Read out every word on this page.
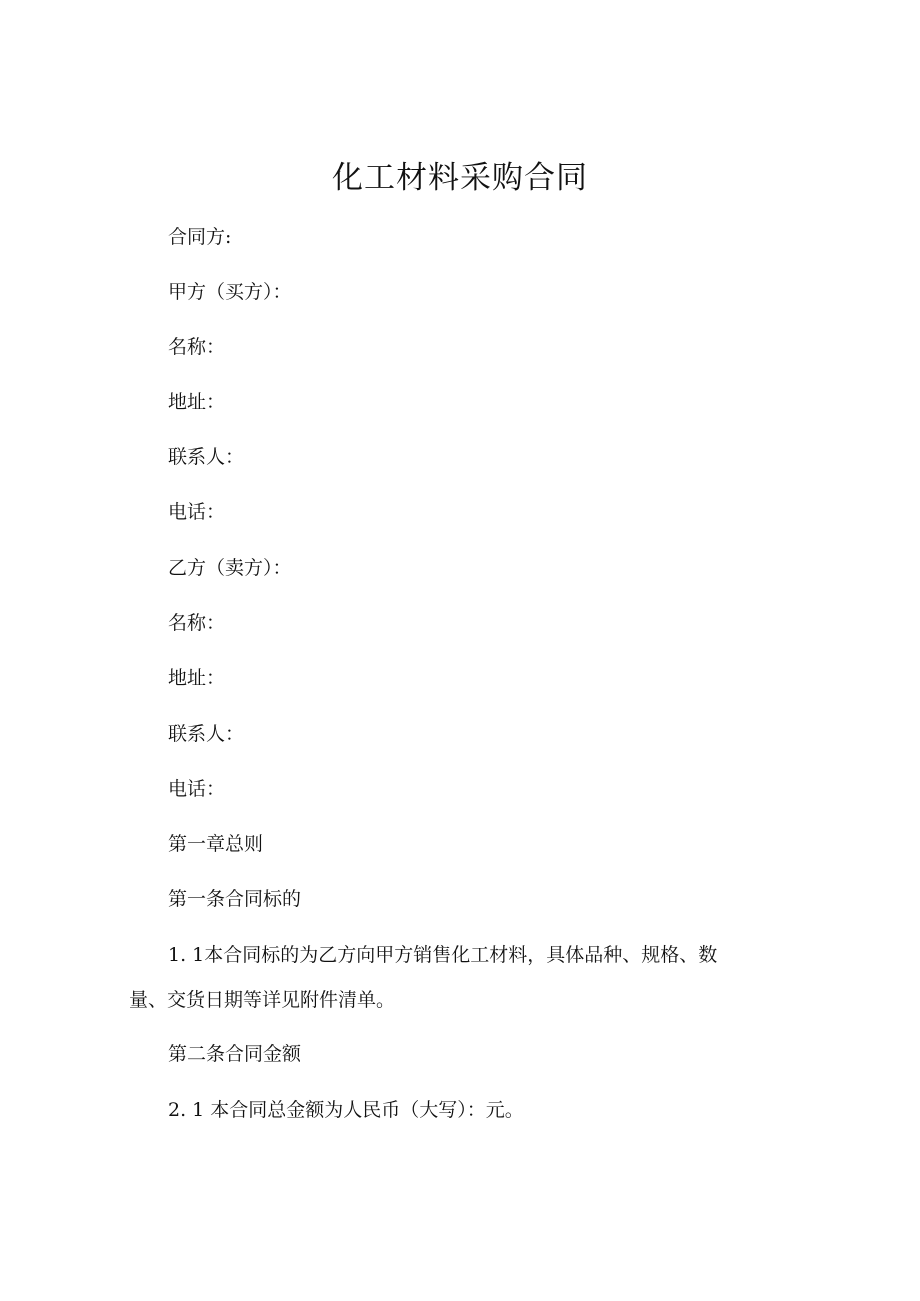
化工材料采购合同
合同方:
甲方（买方）：
名称：
地址：
联系人：
电话：
乙方（卖方）：
名称：
地址：
联系人：
电话：
第一章总则
第一条合同标的
1. 1本合同标的为乙方向甲方销售化工材料，具体品种、规格、数
量、交货日期等详见附件清单。
第二条合同金额
2. 1 本合同总金额为人民币（大写）：元。
